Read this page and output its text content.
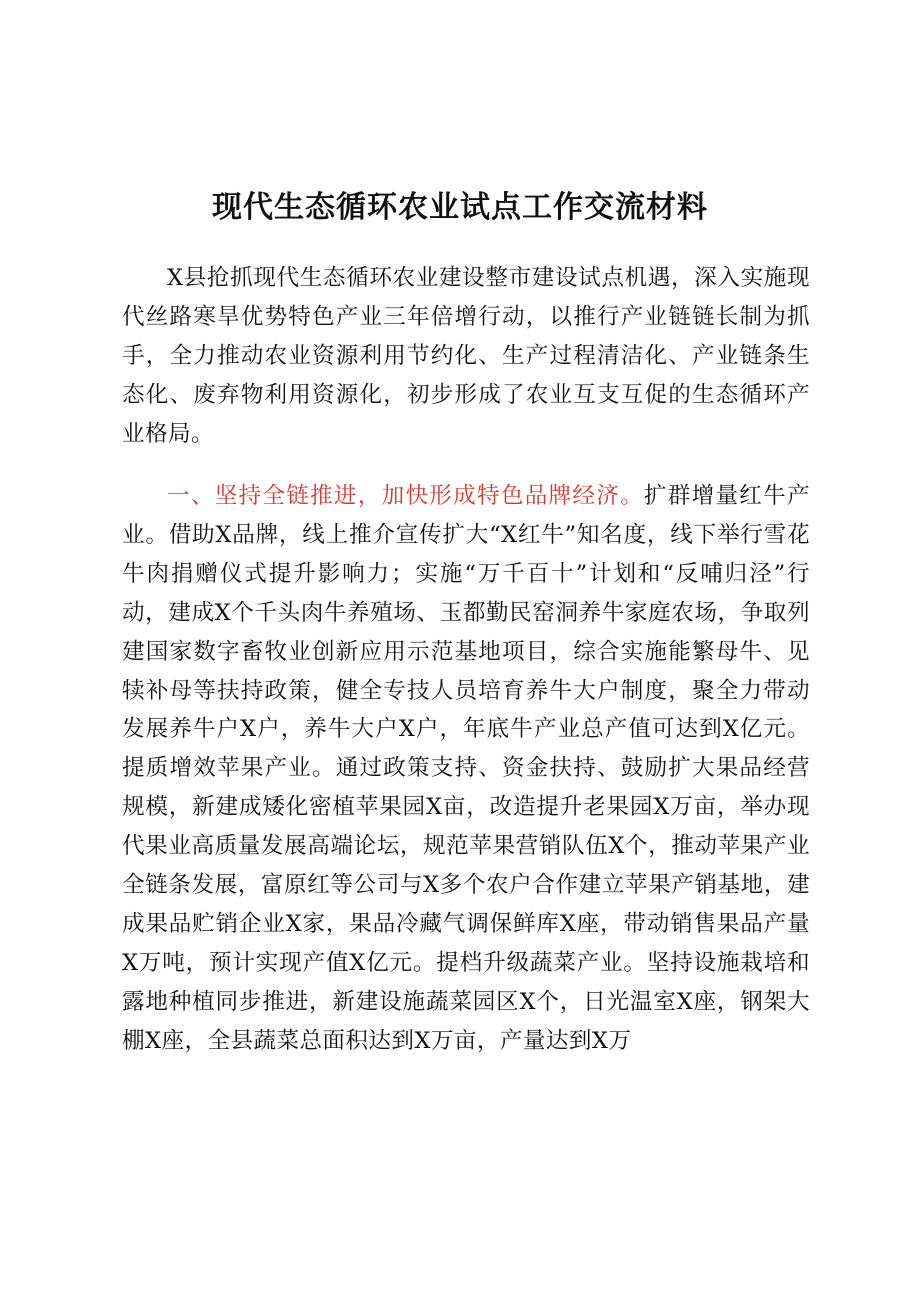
现代生态循环农业试点工作交流材料

X县抢抓现代生态循环农业建设整市建设试点机遇，深入实施现代丝路寒旱优势特色产业三年倍增行动，以推行产业链链长制为抓手，全力推动农业资源利用节约化、生产过程清洁化、产业链条生态化、废弃物利用资源化，初步形成了农业互支互促的生态循环产业格局。

一、坚持全链推进，加快形成特色品牌经济。扩群增量红牛产业。借助X品牌，线上推介宣传扩大“X红牛”知名度，线下举行雪花牛肉捐赠仪式提升影响力；实施“万千百十”计划和“反哺归泾”行动，建成X个千头肉牛养殖场、玉都勤民窑洞养牛家庭农场，争取列建国家数字畜牧业创新应用示范基地项目，综合实施能繁母牛、见犊补母等扶持政策，健全专技人员培育养牛大户制度，聚全力带动发展养牛户X户，养牛大户X户，年底牛产业总产值可达到X亿元。提质增效苹果产业。通过政策支持、资金扶持、鼓励扩大果品经营规模，新建成矮化密植苹果园X亩，改造提升老果园X万亩，举办现代果业高质量发展高端论坛，规范苹果营销队伍X个，推动苹果产业全链条发展，富原红等公司与X多个农户合作建立苹果产销基地，建成果品贮销企业X家，果品冷藏气调保鲜库X座，带动销售果品产量X万吨，预计实现产值X亿元。提档升级蔬菜产业。坚持设施栽培和露地种植同步推进，新建设施蔬菜园区X个，日光温室X座，钢架大棚X座，全县蔬菜总面积达到X万亩，产量达到X万
